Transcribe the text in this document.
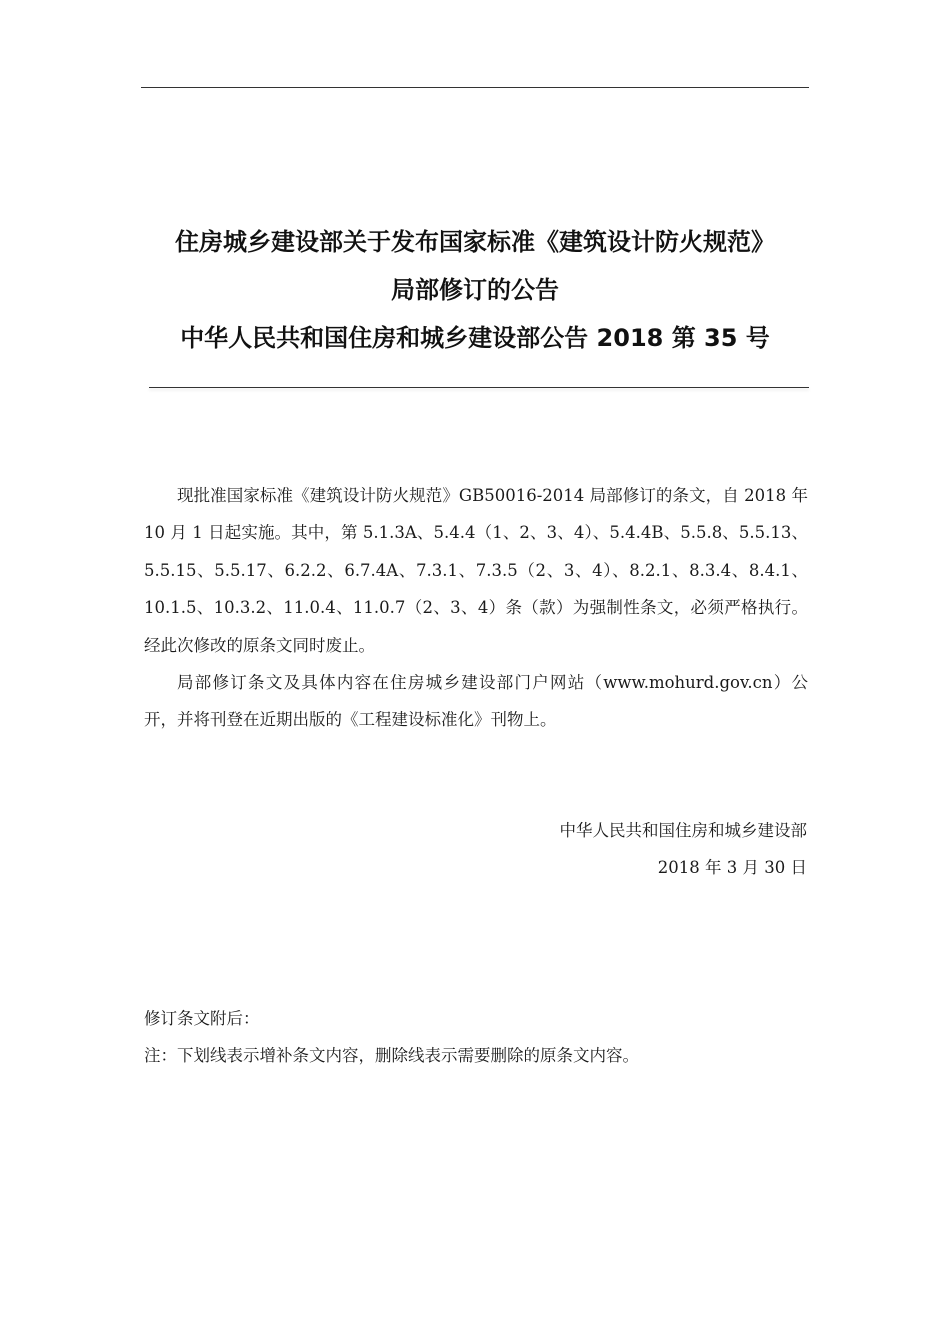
住房城乡建设部关于发布国家标准《建筑设计防火规范》
局部修订的公告
中华人民共和国住房和城乡建设部公告 2018 第 35 号

现批准国家标准《建筑设计防火规范》GB50016-2014 局部修订的条文，自 2018 年 10 月 1 日起实施。其中，第 5.1.3A、5.4.4（1、2、3、4）、5.4.4B、5.5.8、5.5.13、5.5.15、5.5.17、6.2.2、6.7.4A、7.3.1、7.3.5（2、3、4）、8.2.1、8.3.4、8.4.1、10.1.5、10.3.2、11.0.4、11.0.7（2、3、4）条（款）为强制性条文，必须严格执行。经此次修改的原条文同时废止。

局部修订条文及具体内容在住房城乡建设部门户网站（www.mohurd.gov.cn）公开，并将刊登在近期出版的《工程建设标准化》刊物上。

中华人民共和国住房和城乡建设部
2018 年 3 月 30 日

修订条文附后：

注：下划线表示增补条文内容，删除线表示需要删除的原条文内容。
